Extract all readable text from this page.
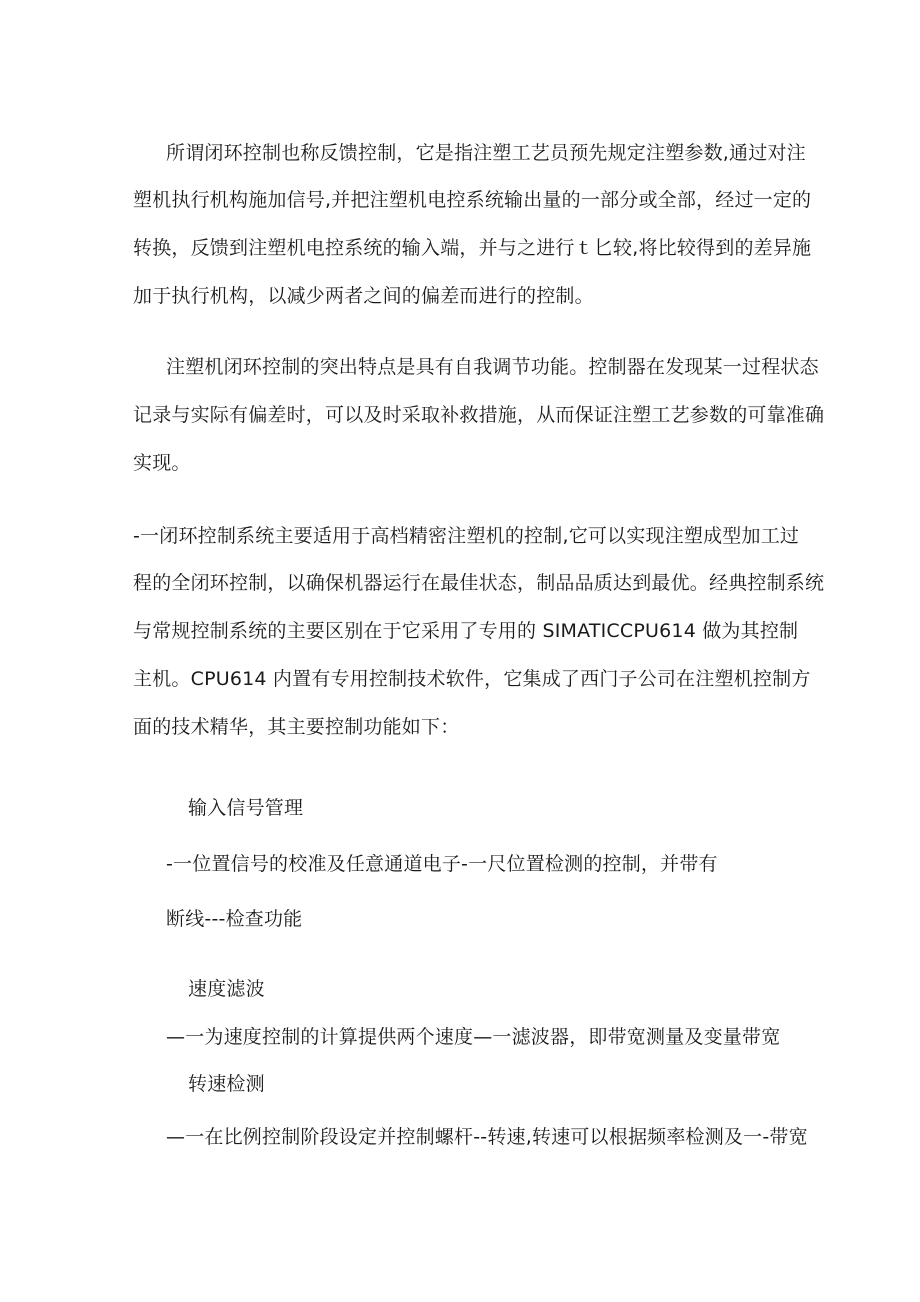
所谓闭环控制也称反馈控制，它是指注塑工艺员预先规定注塑参数,通过对注
塑机执行机构施加信号,并把注塑机电控系统输出量的一部分或全部，经过一定的
转换，反馈到注塑机电控系统的输入端，并与之进行ｔ匕较,将比较得到的差异施
加于执行机构，以减少两者之间的偏差而进行的控制。
注塑机闭环控制的突出特点是具有自我调节功能。控制器在发现某一过程状态
记录与实际有偏差时，可以及时采取补救措施，从而保证注塑工艺参数的可靠准确
实现。
-一闭环控制系统主要适用于高档精密注塑机的控制,它可以实现注塑成型加工过
程的全闭环控制，以确保机器运行在最佳状态，制品品质达到最优。经典控制系统
与常规控制系统的主要区别在于它采用了专用的 SIMATICCPU614 做为其控制
主机。CPU614 内置有专用控制技术软件，它集成了西门子公司在注塑机控制方
面的技术精华，其主要控制功能如下：
输入信号管理
-一位置信号的校准及任意通道电子-一尺位置检测的控制，并带有
断线---检查功能
速度滤波
—一为速度控制的计算提供两个速度—一滤波器，即带宽测量及变量带宽
转速检测
—一在比例控制阶段设定并控制螺杆--转速,转速可以根据频率检测及一-带宽
